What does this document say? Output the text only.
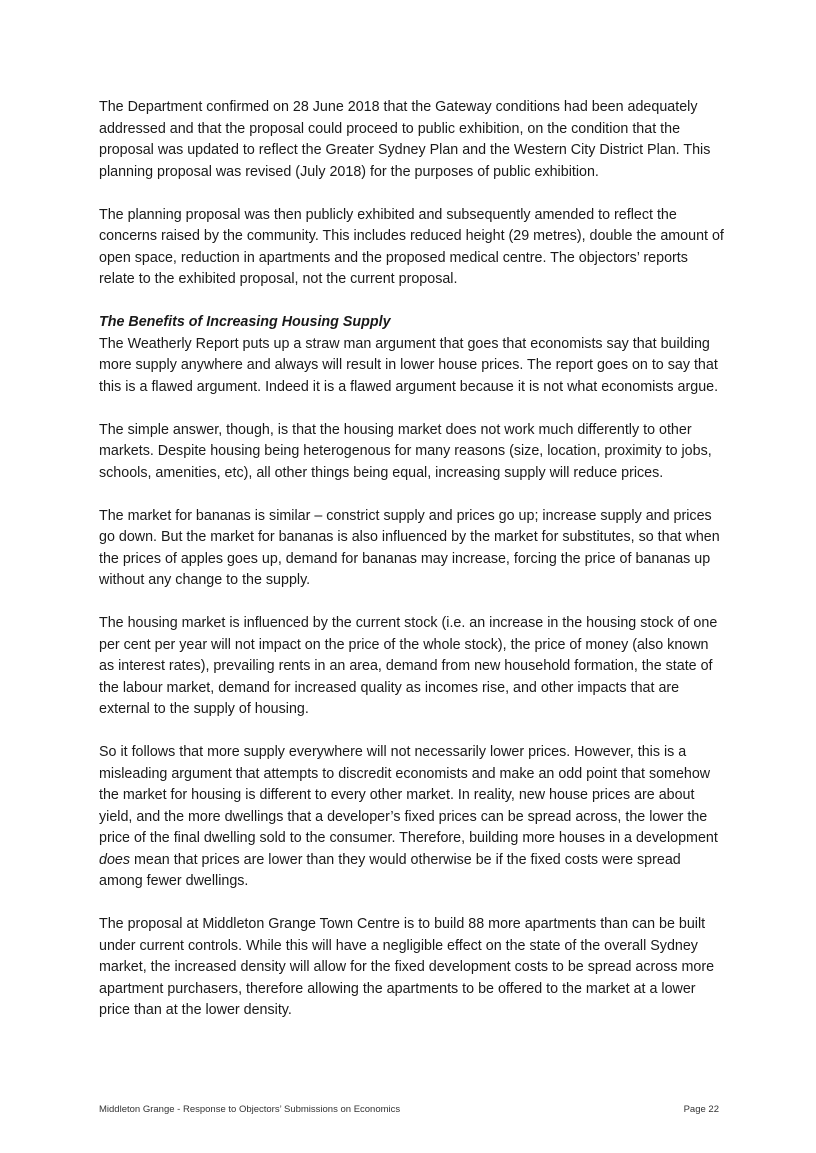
The Department confirmed on 28 June 2018 that the Gateway conditions had been adequately addressed and that the proposal could proceed to public exhibition, on the condition that the proposal was updated to reflect the Greater Sydney Plan and the Western City District Plan. This planning proposal was revised (July 2018) for the purposes of public exhibition.

The planning proposal was then publicly exhibited and subsequently amended to reflect the concerns raised by the community. This includes reduced height (29 metres), double the amount of open space, reduction in apartments and the proposed medical centre. The objectors’ reports relate to the exhibited proposal, not the current proposal.

The Benefits of Increasing Housing Supply

The Weatherly Report puts up a straw man argument that goes that economists say that building more supply anywhere and always will result in lower house prices. The report goes on to say that this is a flawed argument. Indeed it is a flawed argument because it is not what economists argue.

The simple answer, though, is that the housing market does not work much differently to other markets. Despite housing being heterogenous for many reasons (size, location, proximity to jobs, schools, amenities, etc), all other things being equal, increasing supply will reduce prices.

The market for bananas is similar – constrict supply and prices go up; increase supply and prices go down. But the market for bananas is also influenced by the market for substitutes, so that when the prices of apples goes up, demand for bananas may increase, forcing the price of bananas up without any change to the supply.

The housing market is influenced by the current stock (i.e. an increase in the housing stock of one per cent per year will not impact on the price of the whole stock), the price of money (also known as interest rates), prevailing rents in an area, demand from new household formation, the state of the labour market, demand for increased quality as incomes rise, and other impacts that are external to the supply of housing.

So it follows that more supply everywhere will not necessarily lower prices. However, this is a misleading argument that attempts to discredit economists and make an odd point that somehow the market for housing is different to every other market. In reality, new house prices are about yield, and the more dwellings that a developer’s fixed prices can be spread across, the lower the price of the final dwelling sold to the consumer. Therefore, building more houses in a development does mean that prices are lower than they would otherwise be if the fixed costs were spread among fewer dwellings.

The proposal at Middleton Grange Town Centre is to build 88 more apartments than can be built under current controls. While this will have a negligible effect on the state of the overall Sydney market, the increased density will allow for the fixed development costs to be spread across more apartment purchasers, therefore allowing the apartments to be offered to the market at a lower price than at the lower density.

Middleton Grange - Response to Objectors’ Submissions on Economics	Page 22
